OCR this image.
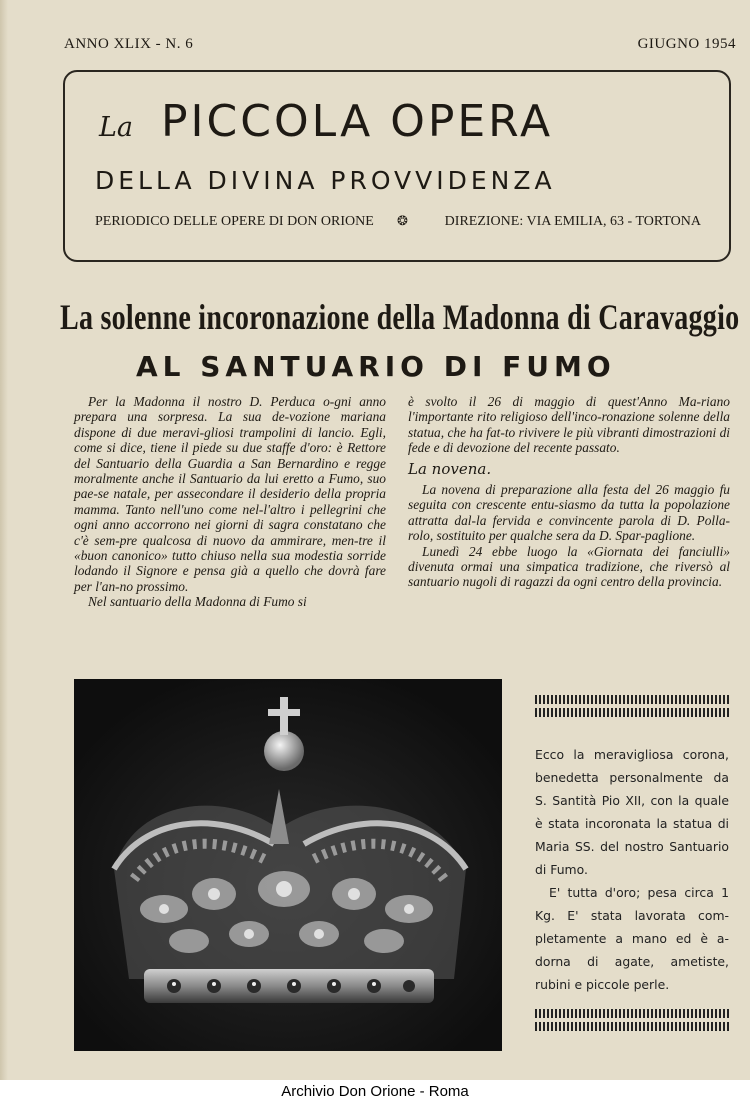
ANNO XLIX - N. 6	GIUGNO 1954
La PICCOLA OPERA
DELLA DIVINA PROVVIDENZA
PERIODICO DELLE OPERE DI DON ORIONE ❂	DIREZIONE: VIA EMILIA, 63 - TORTONA
La solenne incoronazione della Madonna di Caravaggio
AL SANTUARIO DI FUMO

Per la Madonna il nostro D. Perduca o-gni anno prepara una sorpresa. La sua de-vozione mariana dispone di due meravi-gliosi trampolini di lancio. Egli, come si dice, tiene il piede su due staffe d'oro: è Rettore del Santuario della Guardia a San Bernardino e regge moralmente anche il Santuario da lui eretto a Fumo, suo pae-se natale, per assecondare il desiderio della propria mamma. Tanto nell'uno come nel-l'altro i pellegrini che ogni anno accorrono nei giorni di sagra constatano che c'è sem-pre qualcosa di nuovo da ammirare, men-tre il «buon canonico» tutto chiuso nella sua modestia sorride lodando il Signore e pensa già a quello che dovrà fare per l'an-no prossimo.

Nel santuario della Madonna di Fumo si

è svolto il 26 di maggio di quest'Anno Ma-riano l'importante rito religioso dell'inco-ronazione solenne della statua, che ha fat-to rivivere le più vibranti dimostrazioni di fede e di devozione del recente passato.

La novena.

La novena di preparazione alla festa del 26 maggio fu seguita con crescente entu-siasmo da tutta la popolazione attratta dal-la fervida e convincente parola di D. Polla-rolo, sostituito per qualche sera da D. Spar-paglione.

Lunedì 24 ebbe luogo la «Giornata dei fanciulli» divenuta ormai una simpatica tradizione, che riversò al santuario nugoli di ragazzi da ogni centro della provincia.

Ecco la meravigliosa corona, benedetta personalmente da S. Santità Pio XII, con la quale è stata incoronata la statua di Maria SS. del nostro Santuario di Fumo.

E' tutta d'oro; pesa circa 1 Kg. E' stata lavorata com-pletamente a mano ed è a-dorna di agate, ametiste, rubini e piccole perle.

Archivio Don Orione - Roma
